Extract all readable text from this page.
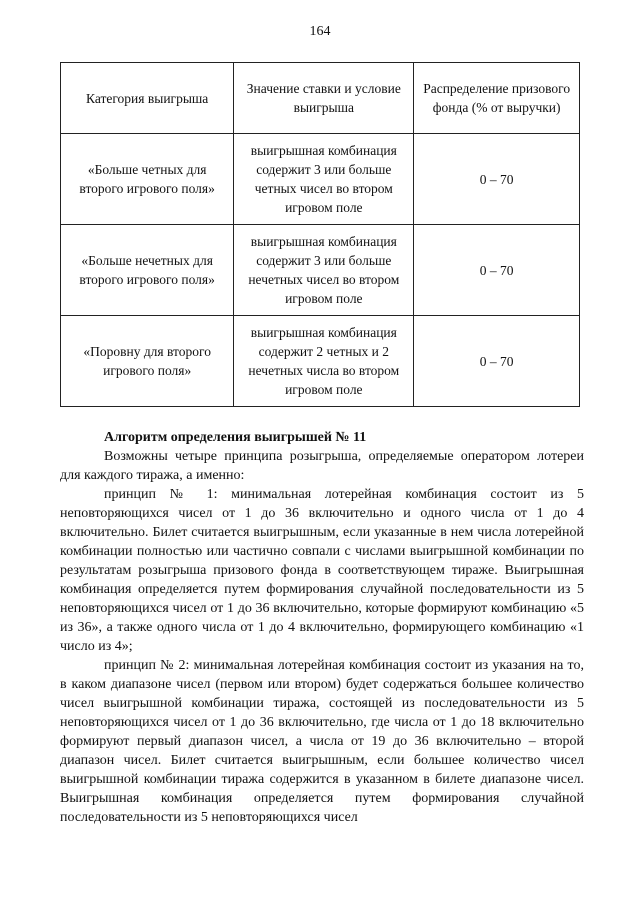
164
Категория выигрыша	Значение ставки и условие выигрыша	Распределение призового фонда (% от выручки)
«Больше четных для второго игрового поля»	выигрышная комбинация содержит 3 или больше четных чисел во втором игровом поле	0 – 70
«Больше нечетных для второго игрового поля»	выигрышная комбинация содержит 3 или больше нечетных чисел во втором игровом поле	0 – 70
«Поровну для второго игрового поля»	выигрышная комбинация содержит 2 четных и 2 нечетных числа во втором игровом поле	0 – 70

Алгоритм определения выигрышей № 11

Возможны четыре принципа розыгрыша, определяемые оператором лотереи для каждого тиража, а именно:

принцип № 1: минимальная лотерейная комбинация состоит из 5 неповторяющихся чисел от 1 до 36 включительно и одного числа от 1 до 4 включительно. Билет считается выигрышным, если указанные в нем числа лотерейной комбинации полностью или частично совпали с числами выигрышной комбинации по результатам розыгрыша призового фонда в соответствующем тираже. Выигрышная комбинация определяется путем формирования случайной последовательности из 5 неповторяющихся чисел от 1 до 36 включительно, которые формируют комбинацию «5 из 36», а также одного числа от 1 до 4 включительно, формирующего комбинацию «1 число из 4»;

принцип № 2: минимальная лотерейная комбинация состоит из указания на то, в каком диапазоне чисел (первом или втором) будет содержаться большее количество чисел выигрышной комбинации тиража, состоящей из последовательности из 5 неповторяющихся чисел от 1 до 36 включительно, где числа от 1 до 18 включительно формируют первый диапазон чисел, а числа от 19 до 36 включительно – второй диапазон чисел. Билет считается выигрышным, если большее количество чисел выигрышной комбинации тиража содержится в указанном в билете диапазоне чисел. Выигрышная комбинация определяется путем формирования случайной последовательности из 5 неповторяющихся чисел
